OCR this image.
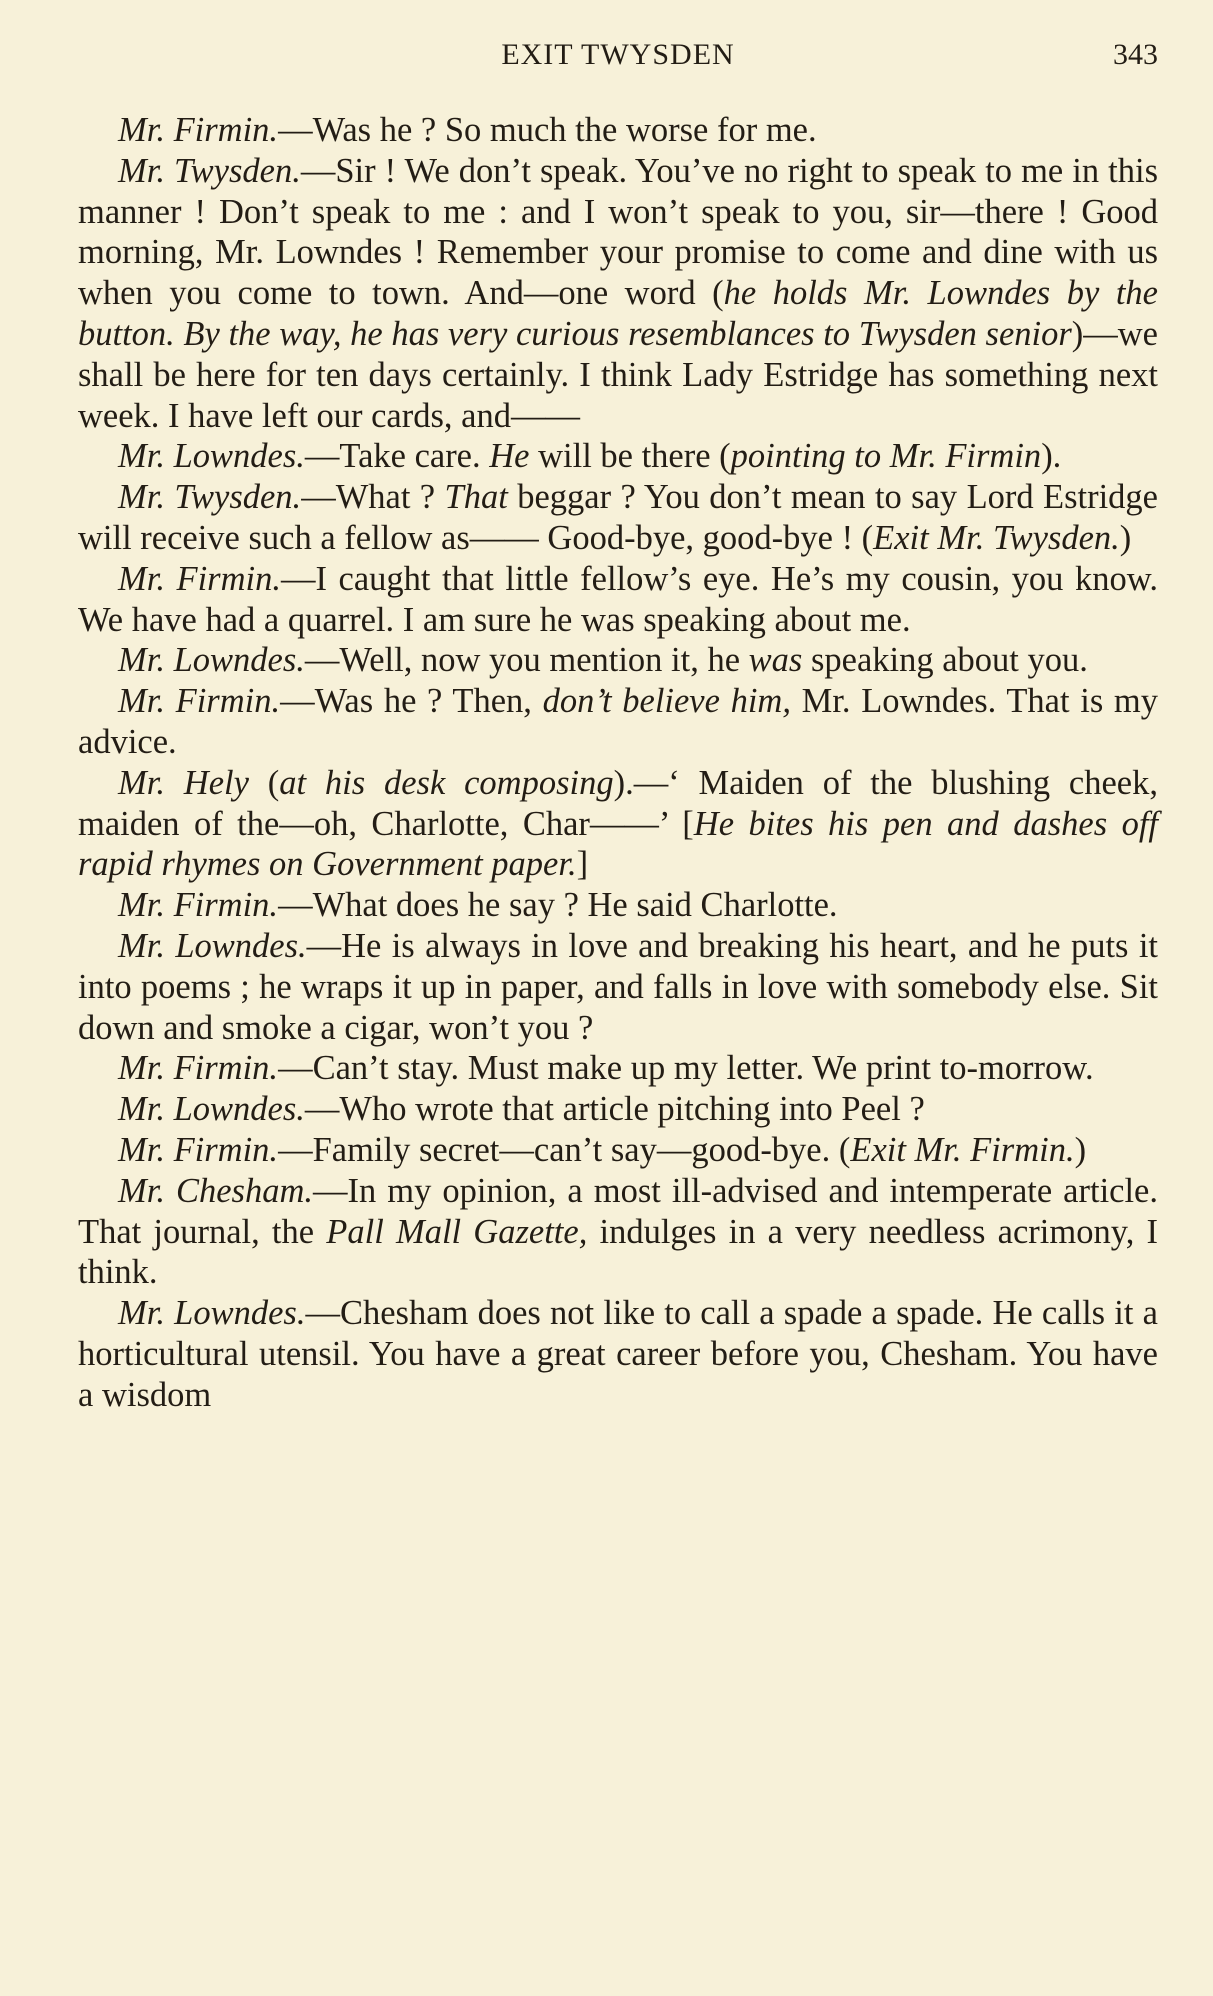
EXIT TWYSDEN	343

Mr. Firmin.—Was he ? So much the worse for me.

Mr. Twysden.—Sir ! We don’t speak. You’ve no right to speak to me in this manner ! Don’t speak to me : and I won’t speak to you, sir—there ! Good morning, Mr. Lowndes ! Remember your promise to come and dine with us when you come to town. And—one word (he holds Mr. Lowndes by the button. By the way, he has very curious resemblances to Twysden senior)—we shall be here for ten days certainly. I think Lady Estridge has something next week. I have left our cards, and——

Mr. Lowndes.—Take care. He will be there (pointing to Mr. Firmin).

Mr. Twysden.—What ? That beggar ? You don’t mean to say Lord Estridge will receive such a fellow as—— Good-bye, good-bye ! (Exit Mr. Twysden.)

Mr. Firmin.—I caught that little fellow’s eye. He’s my cousin, you know. We have had a quarrel. I am sure he was speaking about me.

Mr. Lowndes.—Well, now you mention it, he was speaking about you.

Mr. Firmin.—Was he ? Then, don’t believe him, Mr. Lowndes. That is my advice.

Mr. Hely (at his desk composing).—‘ Maiden of the blushing cheek, maiden of the—oh, Charlotte, Char——’ [He bites his pen and dashes off rapid rhymes on Government paper.]

Mr. Firmin.—What does he say ? He said Charlotte.

Mr. Lowndes.—He is always in love and breaking his heart, and he puts it into poems ; he wraps it up in paper, and falls in love with somebody else. Sit down and smoke a cigar, won’t you ?

Mr. Firmin.—Can’t stay. Must make up my letter. We print to-morrow.

Mr. Lowndes.—Who wrote that article pitching into Peel ?

Mr. Firmin.—Family secret—can’t say—good-bye. (Exit Mr. Firmin.)

Mr. Chesham.—In my opinion, a most ill-advised and intemperate article. That journal, the Pall Mall Gazette, indulges in a very needless acrimony, I think.

Mr. Lowndes.—Chesham does not like to call a spade a spade. He calls it a horticultural utensil. You have a great career before you, Chesham. You have a wisdom
